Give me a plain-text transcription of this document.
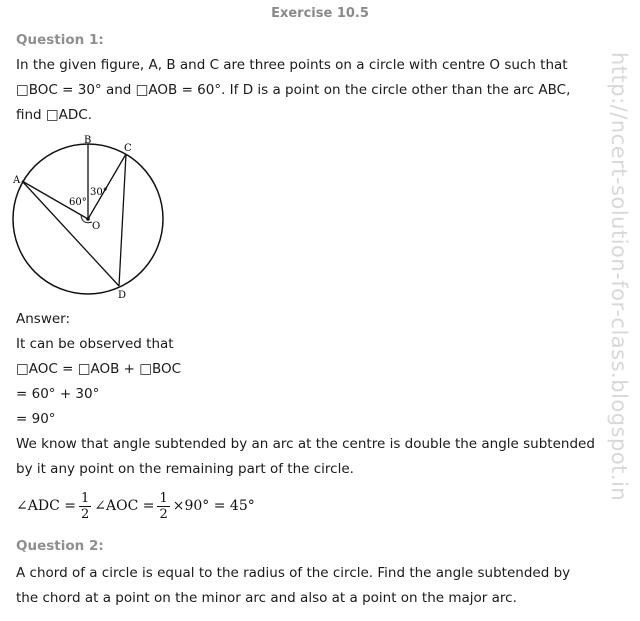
Exercise 10.5
http://ncert-solution-for-class.blogspot.in
Question 1:
In the given figure, A, B and C are three points on a circle with centre O such that
□BOC = 30° and □AOB = 60°. If D is a point on the circle other than the arc ABC,
find □ADC.
B
C
A
O
D
60°
30°
Answer:
It can be observed that
□AOC = □AOB + □BOC
= 60° + 30°
= 90°
We know that angle subtended by an arc at the centre is double the angle subtended
by it any point on the remaining part of the circle.
∠ADC = $\frac{1}{2}$ ∠AOC = $\frac{1}{2} \times 90^\circ = 45^\circ$
Question 2:
A chord of a circle is equal to the radius of the circle. Find the angle subtended by
the chord at a point on the minor arc and also at a point on the major arc.
